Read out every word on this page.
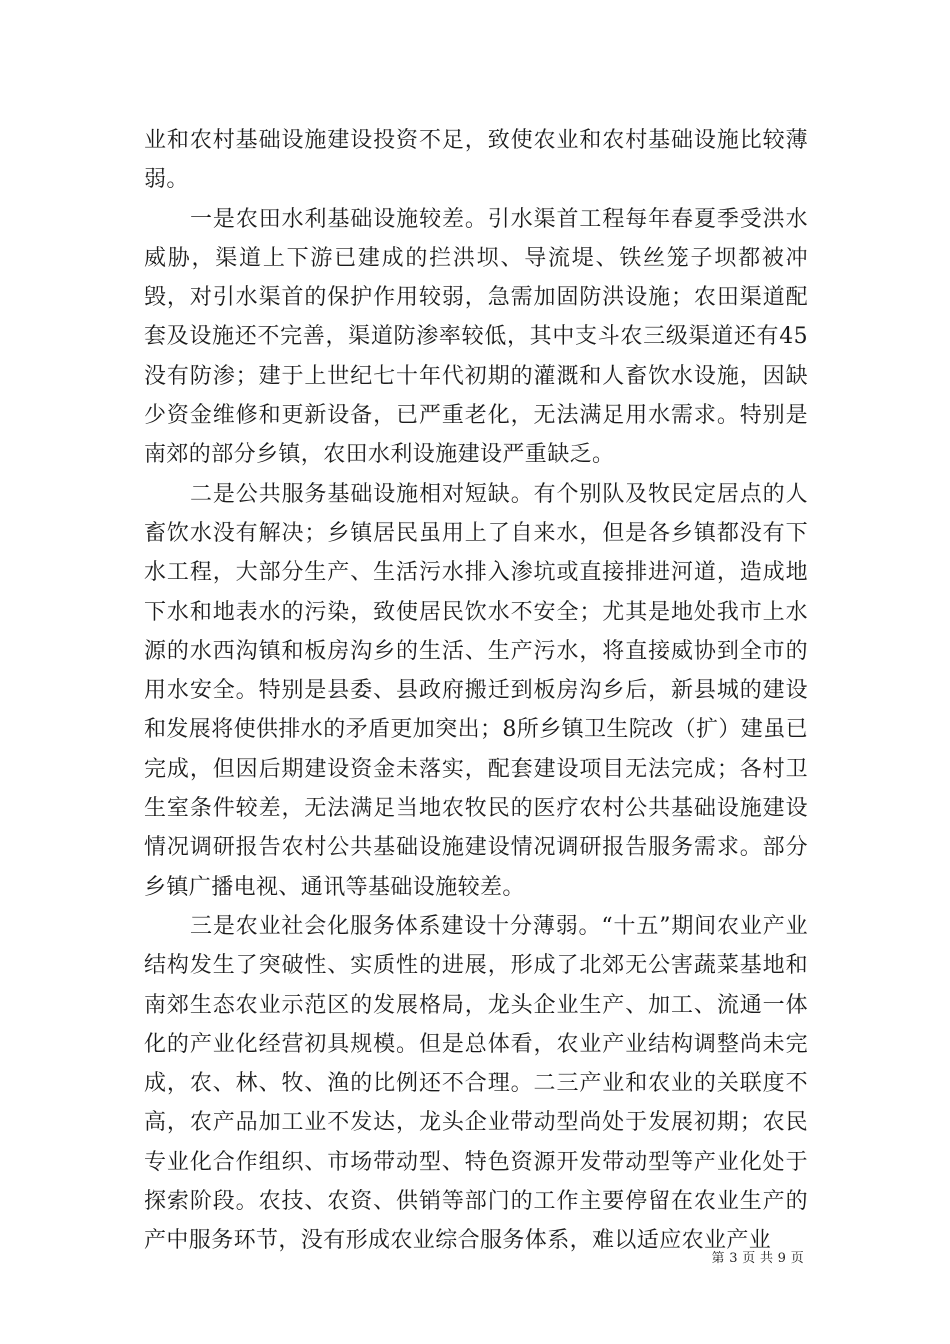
业和农村基础设施建设投资不足，致使农业和农村基础设施比较薄弱。

一是农田水利基础设施较差。引水渠首工程每年春夏季受洪水威胁，渠道上下游已建成的拦洪坝、导流堤、铁丝笼子坝都被冲毁，对引水渠首的保护作用较弱，急需加固防洪设施；农田渠道配套及设施还不完善，渠道防渗率较低，其中支斗农三级渠道还有45没有防渗；建于上世纪七十年代初期的灌溉和人畜饮水设施，因缺少资金维修和更新设备，已严重老化，无法满足用水需求。特别是南郊的部分乡镇，农田水利设施建设严重缺乏。

二是公共服务基础设施相对短缺。有个别队及牧民定居点的人畜饮水没有解决；乡镇居民虽用上了自来水，但是各乡镇都没有下水工程，大部分生产、生活污水排入渗坑或直接排进河道，造成地下水和地表水的污染，致使居民饮水不安全；尤其是地处我市上水源的水西沟镇和板房沟乡的生活、生产污水，将直接威协到全市的用水安全。特别是县委、县政府搬迁到板房沟乡后，新县城的建设和发展将使供排水的矛盾更加突出；8所乡镇卫生院改（扩）建虽已完成，但因后期建设资金未落实，配套建设项目无法完成；各村卫生室条件较差，无法满足当地农牧民的医疗农村公共基础设施建设情况调研报告农村公共基础设施建设情况调研报告服务需求。部分乡镇广播电视、通讯等基础设施较差。

三是农业社会化服务体系建设十分薄弱。“十五”期间农业产业结构发生了突破性、实质性的进展，形成了北郊无公害蔬菜基地和南郊生态农业示范区的发展格局，龙头企业生产、加工、流通一体化的产业化经营初具规模。但是总体看，农业产业结构调整尚未完成，农、林、牧、渔的比例还不合理。二三产业和农业的关联度不高，农产品加工业不发达，龙头企业带动型尚处于发展初期；农民专业化合作组织、市场带动型、特色资源开发带动型等产业化处于探索阶段。农技、农资、供销等部门的工作主要停留在农业生产的产中服务环节，没有形成农业综合服务体系，难以适应农业产业

第 3 页 共 9 页
